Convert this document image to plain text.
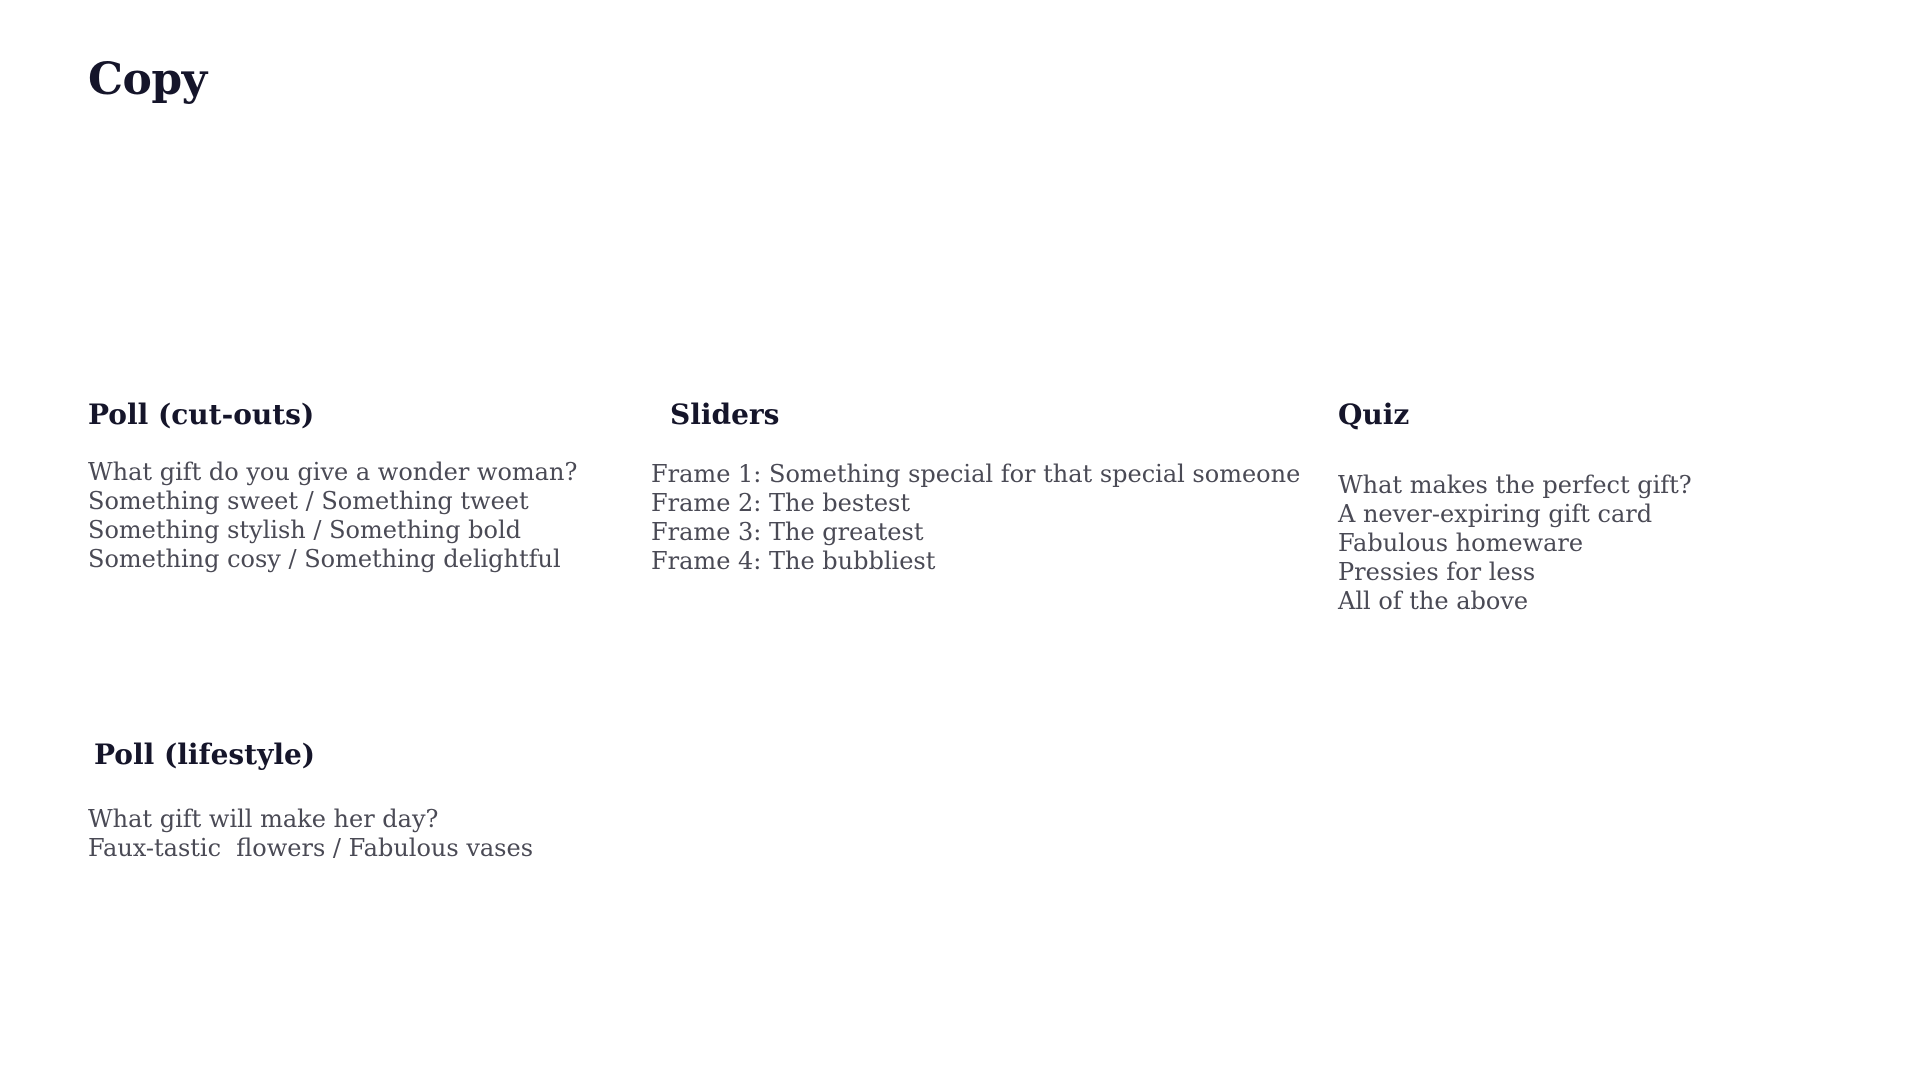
Copy
Poll (cut-outs)
What gift do you give a wonder woman?
Something sweet / Something tweet
Something stylish / Something bold
Something cosy / Something delightful
Sliders
Frame 1: Something special for that special someone
Frame 2: The bestest
Frame 3: The greatest
Frame 4: The bubbliest
Quiz
What makes the perfect gift?
A never-expiring gift card
Fabulous homeware
Pressies for less
All of the above
Poll (lifestyle)
What gift will make her day?
Faux-tastic  flowers / Fabulous vases
